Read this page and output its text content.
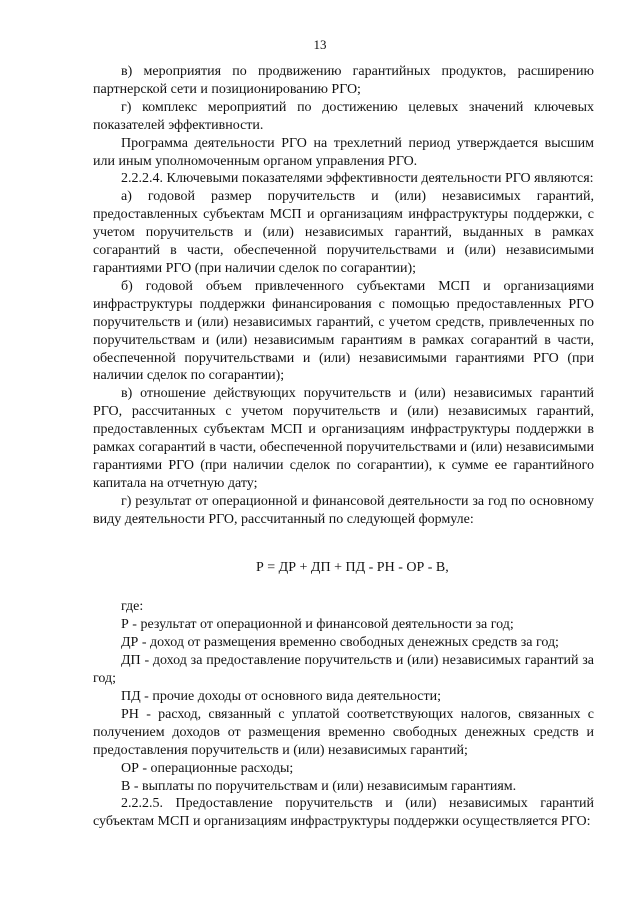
13

в) мероприятия по продвижению гарантийных продуктов, расширению партнерской сети и позиционированию РГО;

г) комплекс мероприятий по достижению целевых значений ключевых показателей эффективности.

Программа деятельности РГО на трехлетний период утверждается высшим или иным уполномоченным органом управления РГО.

2.2.2.4. Ключевыми показателями эффективности деятельности РГО являются:

а) годовой размер поручительств и (или) независимых гарантий, предоставленных субъектам МСП и организациям инфраструктуры поддержки, с учетом поручительств и (или) независимых гарантий, выданных в рамках согарантий в части, обеспеченной поручительствами и (или) независимыми гарантиями РГО (при наличии сделок по согарантии);

б) годовой объем привлеченного субъектами МСП и организациями инфраструктуры поддержки финансирования с помощью предоставленных РГО поручительств и (или) независимых гарантий, с учетом средств, привлеченных по поручительствам и (или) независимым гарантиям в рамках согарантий в части, обеспеченной поручительствами и (или) независимыми гарантиями РГО (при наличии сделок по согарантии);

в) отношение действующих поручительств и (или) независимых гарантий РГО, рассчитанных с учетом поручительств и (или) независимых гарантий, предоставленных субъектам МСП и организациям инфраструктуры поддержки в рамках согарантий в части, обеспеченной поручительствами и (или) независимыми гарантиями РГО (при наличии сделок по согарантии), к сумме ее гарантийного капитала на отчетную дату;

г) результат от операционной и финансовой деятельности за год по основному виду деятельности РГО, рассчитанный по следующей формуле:

Р = ДР + ДП + ПД - РН - ОР - В,

где:

Р - результат от операционной и финансовой деятельности за год;

ДР - доход от размещения временно свободных денежных средств за год;

ДП - доход за предоставление поручительств и (или) независимых гарантий за год;

ПД - прочие доходы от основного вида деятельности;

РН - расход, связанный с уплатой соответствующих налогов, связанных с получением доходов от размещения временно свободных денежных средств и предоставления поручительств и (или) независимых гарантий;

ОР - операционные расходы;

В - выплаты по поручительствам и (или) независимым гарантиям.

2.2.2.5. Предоставление поручительств и (или) независимых гарантий субъектам МСП и организациям инфраструктуры поддержки осуществляется РГО:
